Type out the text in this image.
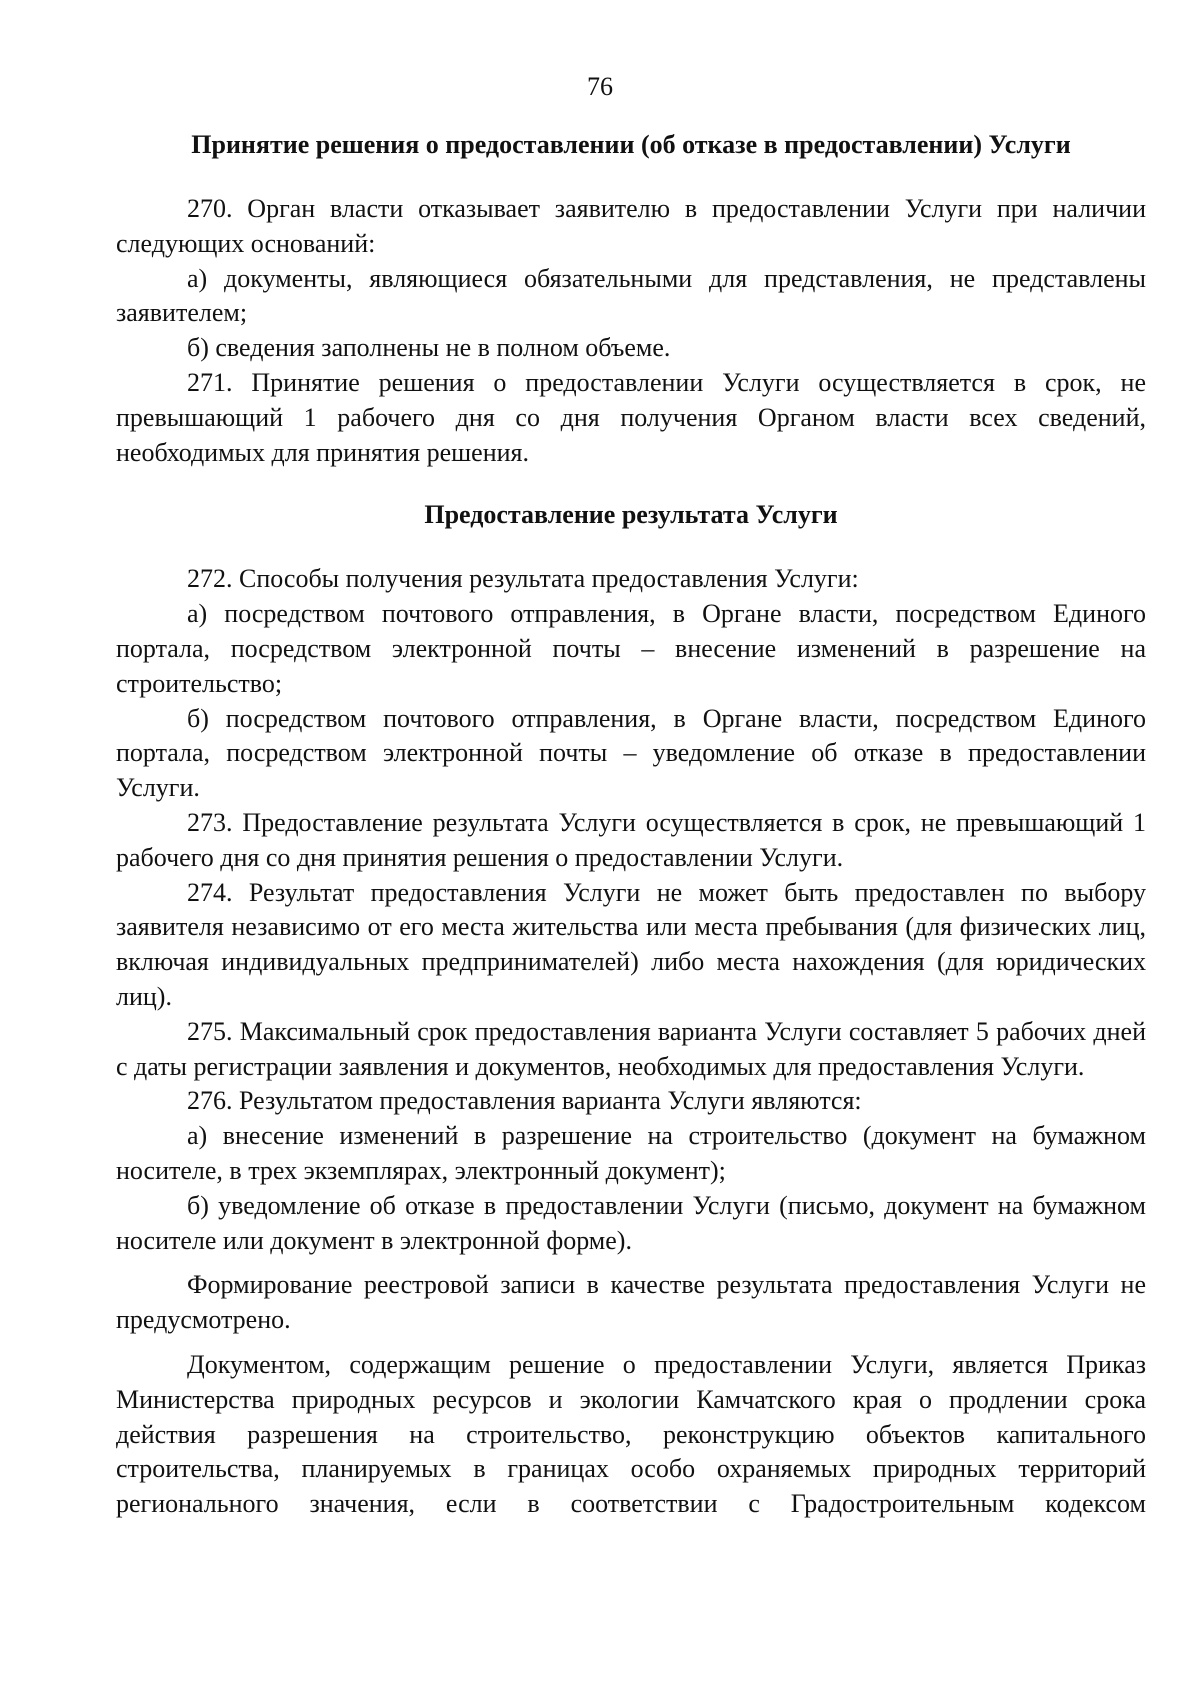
76
Принятие решения о предоставлении (об отказе в предоставлении) Услуги

270. Орган власти отказывает заявителю в предоставлении Услуги при наличии следующих оснований:

а) документы, являющиеся обязательными для представления, не представлены заявителем;

б) сведения заполнены не в полном объеме.

271. Принятие решения о предоставлении Услуги осуществляется в срок, не превышающий 1 рабочего дня со дня получения Органом власти всех сведений, необходимых для принятия решения.

Предоставление результата Услуги

272. Способы получения результата предоставления Услуги:

а) посредством почтового отправления, в Органе власти, посредством Единого портала, посредством электронной почты – внесение изменений в разрешение на строительство;

б) посредством почтового отправления, в Органе власти, посредством Единого портала, посредством электронной почты – уведомление об отказе в предоставлении Услуги.

273. Предоставление результата Услуги осуществляется в срок, не превышающий 1 рабочего дня со дня принятия решения о предоставлении Услуги.

274. Результат предоставления Услуги не может быть предоставлен по выбору заявителя независимо от его места жительства или места пребывания (для физических лиц, включая индивидуальных предпринимателей) либо места нахождения (для юридических лиц).

275. Максимальный срок предоставления варианта Услуги составляет 5 рабочих дней с даты регистрации заявления и документов, необходимых для предоставления Услуги.

276. Результатом предоставления варианта Услуги являются:

а) внесение изменений в разрешение на строительство (документ на бумажном носителе, в трех экземплярах, электронный документ);

б) уведомление об отказе в предоставлении Услуги (письмо, документ на бумажном носителе или документ в электронной форме).

Формирование реестровой записи в качестве результата предоставления Услуги не предусмотрено.

Документом, содержащим решение о предоставлении Услуги, является Приказ Министерства природных ресурсов и экологии Камчатского края о продлении срока действия разрешения на строительство, реконструкцию объектов капитального строительства, планируемых в границах особо охраняемых природных территорий регионального значения, если в соответствии с Градостроительным кодексом
